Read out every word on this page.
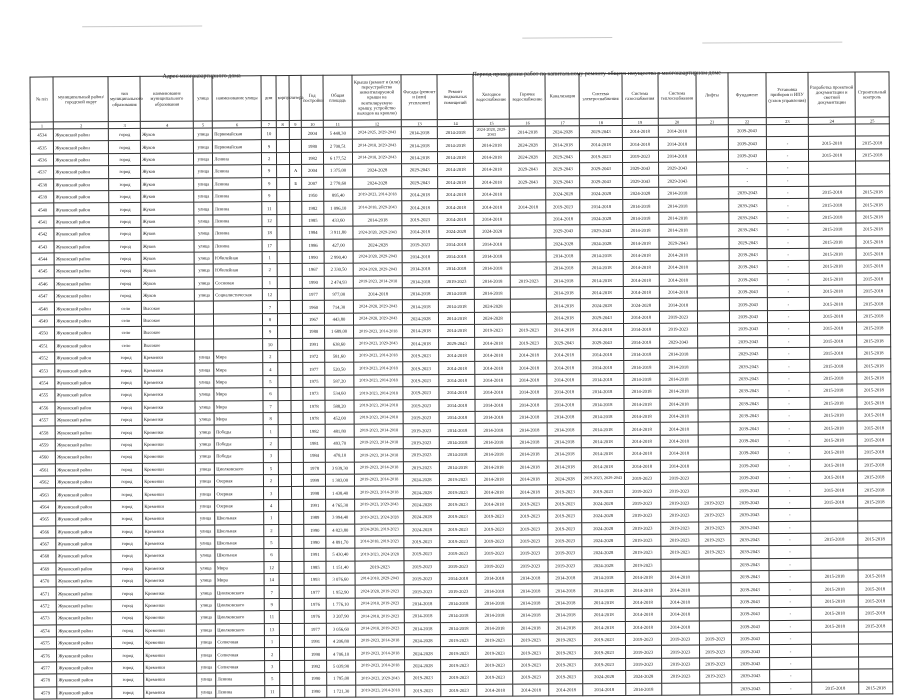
Адрес многоквартирного дома	Период проведения работ по капитальному ремонту общего имущества в многоквартирном доме
№ п/п	муниципальный район/городской округ	тип муниципального образования	наименование муниципального образования	улица	наименование улицы	дом	корпус	литера	Год постройки	Общая площадь	Крыша (ремонт и (или) переустройство невентилируемой крыши на вентилируемую крышу, устройство выходов на кровлю)	Фасады (ремонт и (или) утепление)	Ремонт подвальных помещений	Холодное водоснабжение	Горячее водоснабжение	Канализация	Система электроснабжения	Система газоснабжения	Система теплоснабжения	Лифты	Фундамент	Установка приборов и ИПУ (узлов управления)	Разработка проектной документации и сметной документации	Строительный контроль
1	2	3	4	5	6	7	8	9	10	11	12	13	14	15	16	17	18	19	20	21	22	23	24	25
4534	Жуковский район	город	Жуков	улица	Первомайская	10			2004	5 448,30	2024-2025, 2029-2043	2014-2018	2014-2018	2024-2028, 2029-2043	2014-2018	2024-2028	2029-2043	2014-2018	2014-2018		2039-2043			
4535	Жуковский район	город	Жуков	улица	Первомайская	9			1980	2 700,51	2014-2018, 2029-2043	2014-2018	2014-2018	2014-2018	2024-2028	2014-2018	2014-2018	2014-2018	2014-2018		2039-2043	-	2015-2018	2015-2018
4536	Жуковский район	город	Жуков	улица	Ленина	2			1982	6 177,52	2014-2018, 2029-2043	2014-2018	2014-2018	2014-2018	2024-2028	2029-2043	2019-2023	2019-2023	2014-2018		2039-2043	-	2015-2018	2015-2018
4537	Жуковский район	город	Жуков	улица	Ленина	9		А	2004	1 375,00	2024-2028	2029-2043	2014-2018	2014-2018	2029-2043	2029-2043	2029-2043	2029-2043	2029-2043		-	-		
4538	Жуковский район	город	Жуков	улица	Ленина	9		Б	2007	2 778,60	2024-2028	2029-2043	2014-2018	2014-2018	2029-2043	2029-2043	2029-2043	2029-2043	2029-2043		-	-		
4539	Жуковский район	город	Жуков	улица	Ленина	9			1950	895,40	2019-2023, 2014-2018	2014-2018	2014-2018	2014-2018		2024-2028	2024-2028	2024-2028	2014-2018		2039-2043	-	2015-2018	2015-2018
4540	Жуковский район	город	Жуков	улица	Ленина	11			1982	1 096,10	2014-2018, 2029-2043	2014-2018	2014-2018	2014-2018	2014-2018	2019-2023	2014-2018	2014-2018	2014-2018		2039-2043	-	2015-2018	2015-2018
4541	Жуковский район	город	Жуков	улица	Ленина	12			1985	433,60	2014-2018	2019-2023	2014-2018	2014-2018		2014-2018	2024-2028	2014-2018	2014-2018		2039-2043	-	2015-2018	2015-2018
4542	Жуковский район	город	Жуков	улица	Ленина	18			1984	3 911,80	2024-2028, 2029-2043	2014-2018	2024-2028	2024-2028		2029-2043	2029-2043	2014-2018	2014-2018		2039-2043	-	2015-2018	2015-2018
4543	Жуковский район	город	Жуков	улица	Ленина	17			1986	427,00	2024-2028	2019-2023	2014-2018	2014-2018		2024-2028	2024-2028	2014-2018	2029-2043		2029-2043	-	2015-2018	2015-2018
4544	Жуковский район	город	Жуков	улица	Юбилейная	1			1990	2 990,40	2024-2028, 2029-2043	2014-2018	2014-2018	2014-2018		2014-2018	2014-2018	2014-2018	2014-2018		2039-2043	-	2015-2018	2015-2018
4545	Жуковский район	город	Жуков	улица	Юбилейная	2			1967	2 330,50	2024-2028, 2029-2043	2014-2018	2014-2018	2014-2018		2014-2018	2014-2018	2014-2018	2014-2018		2039-2043	-	2015-2018	2015-2018
4546	Жуковский район	город	Жуков	улица	Сосновая	1			1990	2 474,93	2019-2023, 2014-2018	2014-2018	2019-2023	2014-2018	2019-2023	2014-2018	2014-2018	2014-2018	2014-2018		2039-2043	-	2015-2018	2015-2018
4547	Жуковский район	город	Жуков	улица	Социалистическая	12			1977	977,00	2014-2018	2014-2018	2014-2018	2014-2018		2014-2018	2014-2018	2014-2018	2014-2018		2039-2043	-	2015-2018	2015-2018
4548	Жуковский район	село	Высокое			7			1960	714,30	2024-2028, 2029-2043	2014-2018	2014-2018	2024-2028		2014-2018	2024-2028	2024-2028	2014-2018		2039-2043	-	2015-2018	2015-2018
4549	Жуковский район	село	Высокое			8			1967	443,80	2024-2028, 2029-2043	2024-2028	2014-2018	2024-2028		2014-2018	2029-2043	2014-2018	2019-2023		2039-2043	-	2015-2018	2015-2018
4550	Жуковский район	село	Высокое			9			1980	1 689,00	2019-2023, 2014-2018	2014-2018	2014-2018	2019-2023	2019-2023	2014-2018	2014-2018	2014-2018	2019-2023		2039-2043	-	2015-2018	2015-2018
4551	Жуковский район	село	Высокое			10			1991	638,60	2019-2023, 2029-2043	2014-2018	2029-2043	2014-2018	2019-2023	2029-2043	2029-2043	2014-2018	2029-2043		2039-2043	-	2015-2018	2015-2018
4552	Жуковский район	город	Кременки	улица	Мира	2			1972	581,60	2019-2023, 2014-2018	2019-2023	2014-2018	2014-2018	2014-2018	2014-2018	2014-2018	2014-2018	2014-2018		2029-2043	-	2015-2018	2015-2018
4553	Жуковский район	город	Кременки	улица	Мира	4			1977	520,50	2019-2023, 2014-2018	2019-2023	2014-2018	2014-2018	2014-2018	2014-2018	2014-2018	2014-2018	2014-2018		2039-2043	-	2015-2018	2015-2018
4554	Жуковский район	город	Кременки	улица	Мира	5			1975	587,20	2019-2023, 2014-2018	2019-2023	2014-2018	2014-2018	2014-2018	2014-2018	2014-2018	2014-2018	2014-2018		2039-2043	-	2015-2018	2015-2018
4555	Жуковский район	город	Кременки	улица	Мира	6			1973	534,60	2019-2023, 2014-2018	2019-2023	2014-2018	2014-2018	2014-2018	2014-2018	2014-2018	2014-2018	2014-2018		2039-2043	-	2015-2018	2015-2018
4556	Жуковский район	город	Кременки	улица	Мира	7			1978	588,20	2019-2023, 2014-2018	2019-2023	2014-2018	2014-2018	2014-2018	2014-2018	2014-2018	2014-2018	2014-2018		2039-2043	-	2015-2018	2015-2018
4557	Жуковский район	город	Кременки	улица	Мира	8			1978	452,00	2019-2023, 2014-2018	2019-2023	2014-2018	2014-2018	2014-2018	2014-2018	2014-2018	2014-2018	2014-2018		2039-2043	-	2015-2018	2015-2018
4558	Жуковский район	город	Кременки	улица	Победы	1			1982	481,80	2019-2023, 2014-2018	2019-2023	2014-2018	2014-2018	2014-2018	2014-2018	2014-2018	2014-2018	2014-2018		2039-2043	-	2015-2018	2015-2018
4559	Жуковский район	город	Кременки	улица	Победы	2			1981	493,70	2019-2023, 2014-2018	2019-2023	2014-2018	2014-2018	2014-2018	2014-2018	2014-2018	2014-2018	2014-2018		2039-2043	-	2015-2018	2015-2018
4560	Жуковский район	город	Кременки	улица	Победы	3			1984	478,10	2019-2023, 2014-2018	2019-2023	2014-2018	2014-2018	2014-2018	2014-2018	2014-2018	2014-2018	2014-2018		2039-2043	-	2015-2018	2015-2018
4561	Жуковский район	город	Кременки	улица	Циолковского	5			1978	3 939,30	2019-2023, 2014-2018	2019-2023	2014-2018	2014-2018	2014-2018	2014-2018	2014-2018	2014-2018	2014-2018		2039-2043	-	2015-2018	2015-2018
4562	Жуковский район	город	Кременки	улица	Озерная	2			1999	1 383,00	2019-2023, 2014-2018	2024-2028	2019-2023	2014-2018	2014-2018	2024-2028	2019-2023, 2029-2043	2019-2023	2019-2023		2039-2043	-	2015-2018	2015-2018
4563	Жуковский район	город	Кременки	улица	Озерная	3			1998	1 438,40	2019-2023, 2014-2018	2024-2028	2019-2023	2014-2018	2014-2018	2019-2023	2019-2023	2019-2023	2019-2023		2039-2043	-	2015-2018	2015-2018
4564	Жуковский район	город	Кременки	улица	Озерная	4			1991	4 765,30	2019-2023, 2029-2043	2024-2028	2019-2023	2014-2018	2019-2023	2019-2023	2024-2028	2019-2023	2019-2023	2019-2023	2039-2043	-	2015-2018	2015-2018
4565	Жуковский район	город	Кременки	улица	Школьная	1			1989	3 994,40	2019-2023, 2024-2028	2024-2028	2019-2023	2019-2023	2019-2023	2019-2023	2024-2028	2019-2023	2019-2023	2019-2023	2039-2043	-		
4566	Жуковский район	город	Кременки	улица	Школьная	2			1990	4 823,80	2024-2028, 2019-2023	2024-2028	2019-2023	2019-2023	2019-2023	2019-2023	2024-2028	2019-2023	2019-2023	2019-2023	2039-2043	-		
4567	Жуковский район	город	Кременки	улица	Школьная	5			1990	4 891,70	2014-2018, 2019-2023	2019-2023	2019-2023	2019-2023	2019-2023	2019-2023	2024-2028	2019-2023	2019-2023	2019-2023	2039-2043	-	2015-2018	2015-2018
4568	Жуковский район	город	Кременки	улица	Школьная	6			1991	5 430,40	2019-2023, 2024-2028	2019-2023	2019-2023	2019-2023	2019-2023	2019-2023	2024-2028	2019-2023	2019-2023	2019-2023	2039-2043	-		
4569	Жуковский район	город	Кременки	улица	Мира	12			1985	1 151,40	2019-2023	2019-2023	2019-2023	2019-2023	2019-2023	2019-2023	2024-2028	2019-2023			2039-2043	-		
4570	Жуковский район	город	Кременки	улица	Мира	14			1993	3 076,60	2014-2018, 2029-2043	2019-2023	2014-2018	2014-2018	2014-2018	2014-2018	2014-2018	2014-2018	2014-2018		2039-2043	-	2015-2018	2015-2018
4571	Жуковский район	город	Кременки	улица	Циолковского	7			1977	1 952,90	2024-2028, 2019-2023	2019-2023	2019-2023	2014-2018	2014-2018	2014-2018	2014-2018	2014-2018	2014-2018		2039-2043	-	2015-2018	2015-2018
4572	Жуковский район	город	Кременки	улица	Циолковского	9			1976	1 776,10	2014-2018, 2019-2023	2014-2018	2014-2018	2014-2018	2014-2018	2014-2018	2014-2018	2014-2018	2014-2018		2039-2043	-	2015-2018	2015-2018
4573	Жуковский район	город	Кременки	улица	Циолковского	11			1976	3 207,90	2014-2018, 2019-2023	2014-2018	2014-2018	2014-2018	2014-2018	2014-2018	2014-2018	2014-2018	2014-2018		2039-2043	-	2015-2018	2015-2018
4574	Жуковский район	город	Кременки	улица	Циолковского	13			1977	3 056,60	2014-2018, 2019-2023	2014-2018	2014-2018	2014-2018	2014-2018	2014-2018	2014-2018	2014-2018	2014-2018		2039-2043	-	2015-2018	2015-2018
4575	Жуковский район	город	Кременки	улица	Солнечная	1			1991	4 206,80	2019-2023, 2014-2018	2024-2028	2019-2023	2019-2023	2019-2023	2019-2023	2019-2023	2019-2023	2019-2023	2019-2023	2039-2043	-		
4576	Жуковский район	город	Кременки	улица	Солнечная	2			1990	4 706,10	2019-2023, 2014-2018	2024-2028	2019-2023	2019-2023	2019-2023	2019-2023	2019-2023	2019-2023	2019-2023	2019-2023	2039-2043	-		
4577	Жуковский район	город	Кременки	улица	Солнечная	3			1992	5 039,90	2019-2023, 2014-2018	2024-2028	2019-2023	2019-2023	2019-2023	2019-2023	2019-2023	2019-2023	2019-2023	2019-2023	2039-2043	-		
4578	Жуковский район	город	Кременки	улица	Ленина	5			1990	1 795,00	2019-2023, 2029-2043	2019-2023	2019-2023	2019-2023	2019-2023	2019-2023	2024-2028	2024-2028	2019-2023	2019-2023	2039-2043	-		
4579	Жуковский район	город	Кременки	улица	Ленина	11			1990	1 721,30	2019-2023, 2014-2018	2019-2023	2019-2023	2014-2018	2014-2018	2014-2018	2014-2018	2014-2018			2039-2043	-	2015-2018	2015-2018
